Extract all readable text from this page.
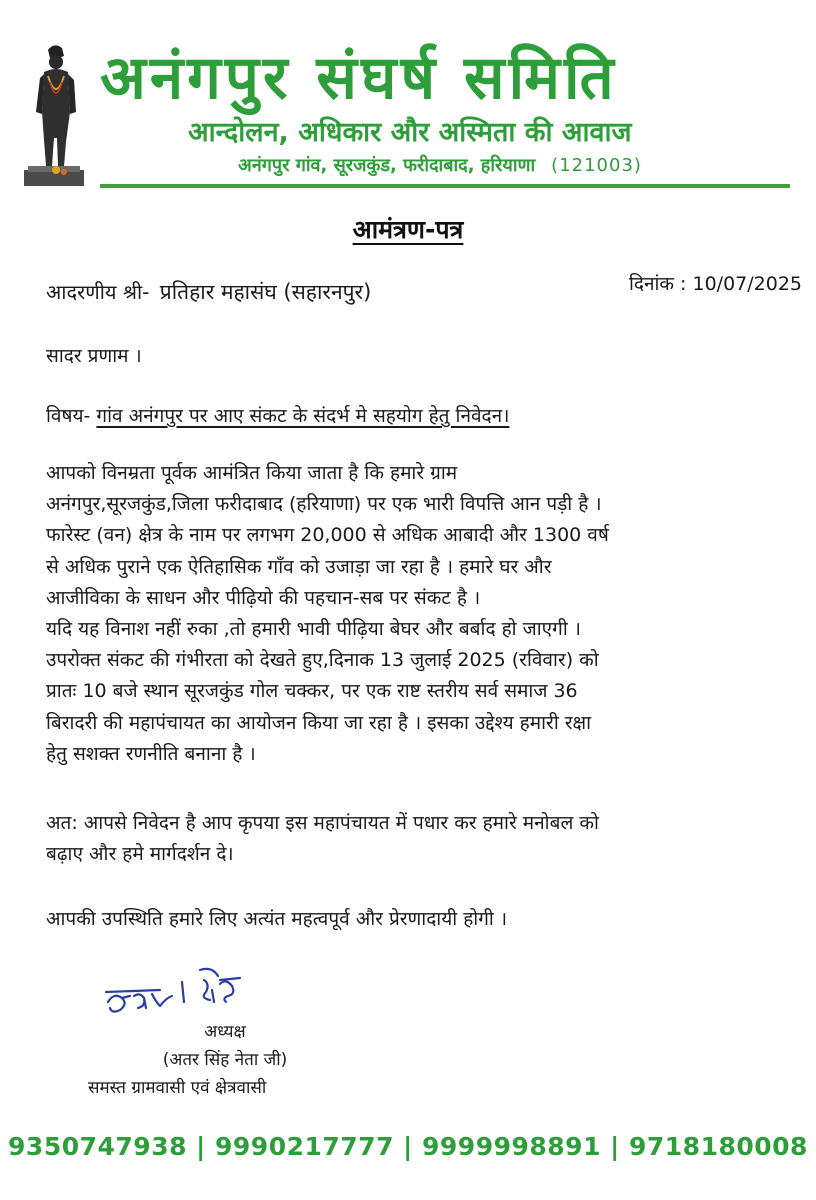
अनंगपुर संघर्ष समिति
आन्दोलन, अधिकार और अस्मिता की आवाज
अनंगपुर गांव, सूरजकुंड, फरीदाबाद, हरियाणा (121003)
आमंत्रण-पत्र
आदरणीय श्री- प्रतिहार महासंघ (सहारनपुर)	दिनांक : 10/07/2025
सादर प्रणाम ।
विषय- गांव अनंगपुर पर आए संकट के संदर्भ मे सहयोग हेतु निवेदन।
आपको विनम्रता पूर्वक आमंत्रित किया जाता है कि हमारे ग्राम
अनंगपुर,सूरजकुंड,जिला फरीदाबाद (हरियाणा) पर एक भारी विपत्ति आन पड़ी है ।
फारेस्ट (वन) क्षेत्र के नाम पर लगभग 20,000 से अधिक आबादी और 1300 वर्ष
से अधिक पुराने एक ऐतिहासिक गाँव को उजाड़ा जा रहा है । हमारे घर और
आजीविका के साधन और पीढ़ियो की पहचान-सब पर संकट है ।
यदि यह विनाश नहीं रुका ,तो हमारी भावी पीढ़िया बेघर और बर्बाद हो जाएगी ।
उपरोक्त संकट की गंभीरता को देखते हुए,दिनाक 13 जुलाई 2025 (रविवार) को
प्रातः 10 बजे स्थान सूरजकुंड गोल चक्कर, पर एक राष्ट स्तरीय सर्व समाज 36
बिरादरी की महापंचायत का आयोजन किया जा रहा है । इसका उद्देश्य हमारी रक्षा
हेतु सशक्त रणनीति बनाना है ।
अत: आपसे निवेदन है आप कृपया इस महापंचायत में पधार कर हमारे मनोबल को
बढ़ाए और हमे मार्गदर्शन दे।
आपकी उपस्थिति हमारे लिए अत्यंत महत्वपूर्व और प्रेरणादायी होगी ।
अध्यक्ष
(अतर सिंह नेता जी)
समस्त ग्रामवासी एवं क्षेत्रवासी
9350747938 | 9990217777 | 9999998891 | 9718180008
